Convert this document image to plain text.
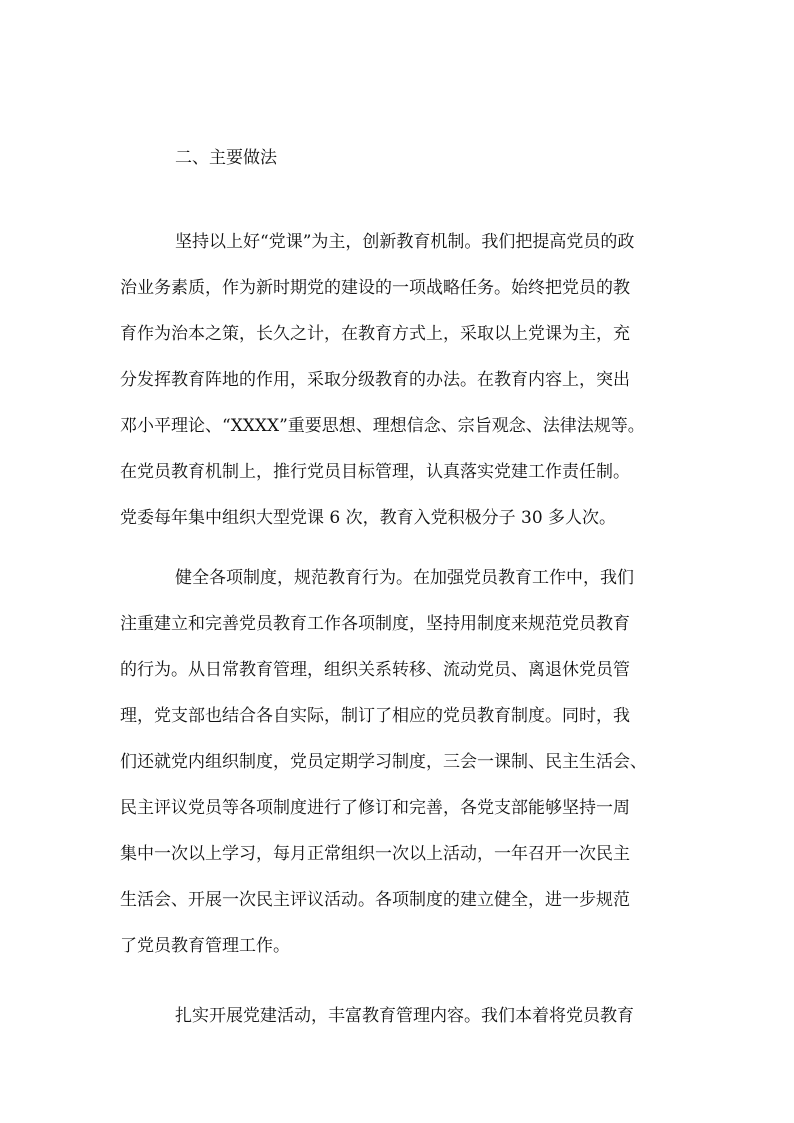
二、主要做法
坚持以上好“党课”为主，创新教育机制。我们把提高党员的政
治业务素质，作为新时期党的建设的一项战略任务。始终把党员的教
育作为治本之策，长久之计，在教育方式上，采取以上党课为主，充
分发挥教育阵地的作用，采取分级教育的办法。在教育内容上，突出
邓小平理论、“XXXX”重要思想、理想信念、宗旨观念、法律法规等。
在党员教育机制上，推行党员目标管理，认真落实党建工作责任制。
党委每年集中组织大型党课 6 次，教育入党积极分子 30 多人次。
健全各项制度，规范教育行为。在加强党员教育工作中，我们
注重建立和完善党员教育工作各项制度，坚持用制度来规范党员教育
的行为。从日常教育管理，组织关系转移、流动党员、离退休党员管
理，党支部也结合各自实际，制订了相应的党员教育制度。同时，我
们还就党内组织制度，党员定期学习制度，三会一课制、民主生活会、
民主评议党员等各项制度进行了修订和完善，各党支部能够坚持一周
集中一次以上学习，每月正常组织一次以上活动，一年召开一次民主
生活会、开展一次民主评议活动。各项制度的建立健全，进一步规范
了党员教育管理工作。
扎实开展党建活动，丰富教育管理内容。我们本着将党员教育
